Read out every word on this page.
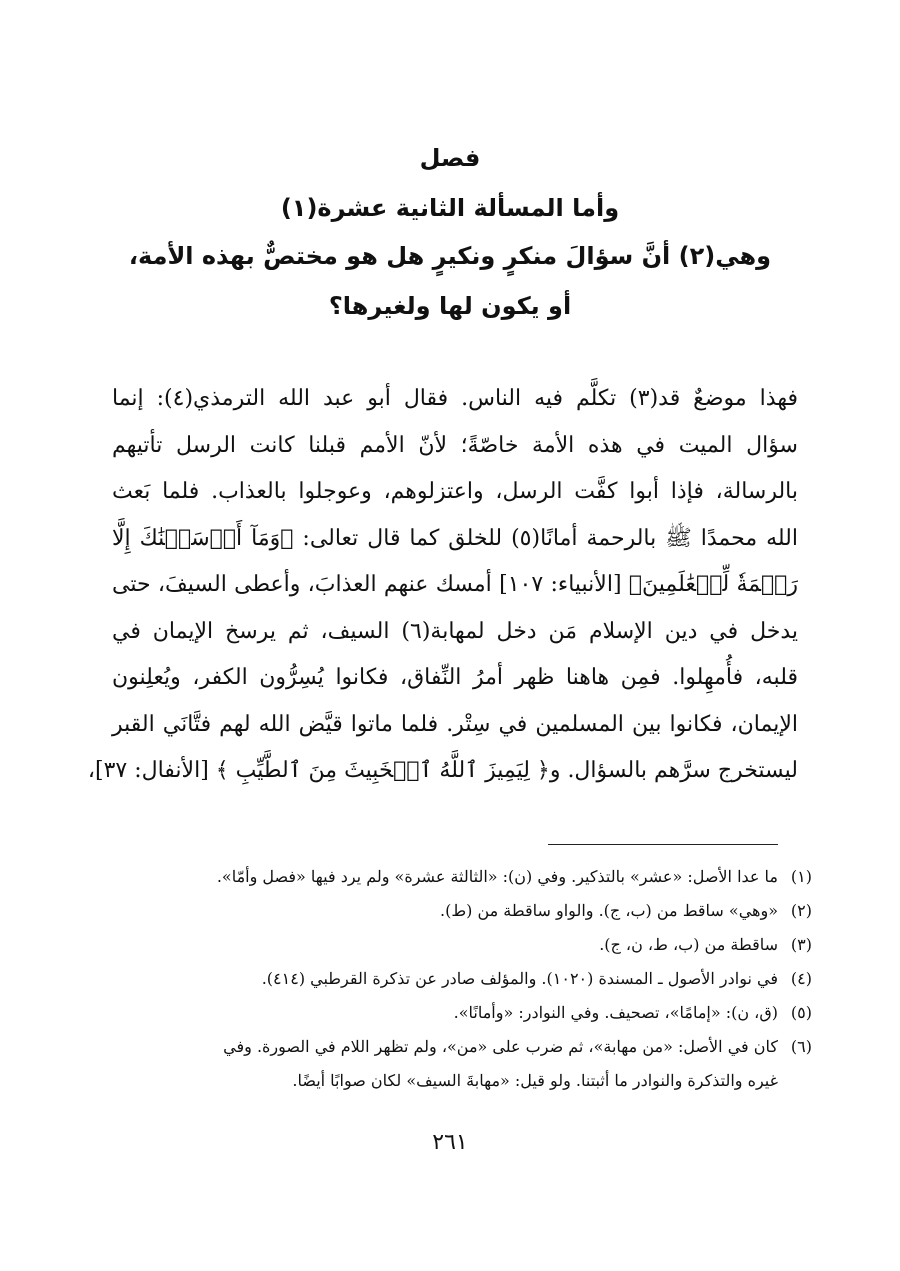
فصل
وأما المسألة الثانية عشرة(١)
وهي(٢) أنَّ سؤالَ منكرٍ ونكيرٍ هل هو مختصٌّ بهذه الأمة،
أو يكون لها ولغيرها؟
فهذا موضعٌ قد(٣) تكلَّم فيه الناس. فقال أبو عبد الله الترمذي(٤): إنما
سؤال الميت في هذه الأمة خاصّةً؛ لأنّ الأمم قبلنا كانت الرسل تأتيهم
بالرسالة، فإذا أبوا كفَّت الرسل، واعتزلوهم، وعوجلوا بالعذاب. فلما بَعث
الله محمدًا ﷺ بالرحمة أمانًا(٥) للخلق كما قال تعالى: ﴿وَمَآ أَرۡسَلۡنَٰكَ إِلَّا
رَحۡمَةٗ لِّلۡعَٰلَمِينَ﴾ [الأنبياء: ١٠٧] أمسك عنهم العذابَ، وأعطى السيفَ، حتى
يدخل في دين الإسلام مَن دخل لمهابة(٦) السيف، ثم يرسخ الإيمان في
قلبه، فأُمهِلوا. فمِن هاهنا ظهر أمرُ النِّفاق، فكانوا يُسِرُّون الكفر، ويُعلِنون
الإيمان، فكانوا بين المسلمين في سِتْر. فلما ماتوا قيَّض الله لهم فتَّانَي القبر
ليستخرج سرَّهم بالسؤال. و﴿ لِيَمِيزَ ٱللَّهُ ٱلۡخَبِيثَ مِنَ ٱلطَّيِّبِ ﴾ [الأنفال: ٣٧]،
(١)ما عدا الأصل: «عشر» بالتذكير. وفي (ن): «الثالثة عشرة» ولم يرد فيها «فصل وأمّا».
(٢)«وهي» ساقط من (ب، ج). والواو ساقطة من (ط).
(٣)ساقطة من (ب، ط، ن، ج).
(٤)في نوادر الأصول ـ المسندة (١٠٢٠). والمؤلف صادر عن تذكرة القرطبي (٤١٤).
(٥)(ق، ن): «إمامًا»، تصحيف. وفي النوادر: «وأمانًا».
(٦)كان في الأصل: «من مهابة»، ثم ضرب على «من»، ولم تظهر اللام في الصورة. وفي
غيره والتذكرة والنوادر ما أثبتنا. ولو قيل: «مهابةَ السيف» لكان صوابًا أيضًا.
٢٦١
